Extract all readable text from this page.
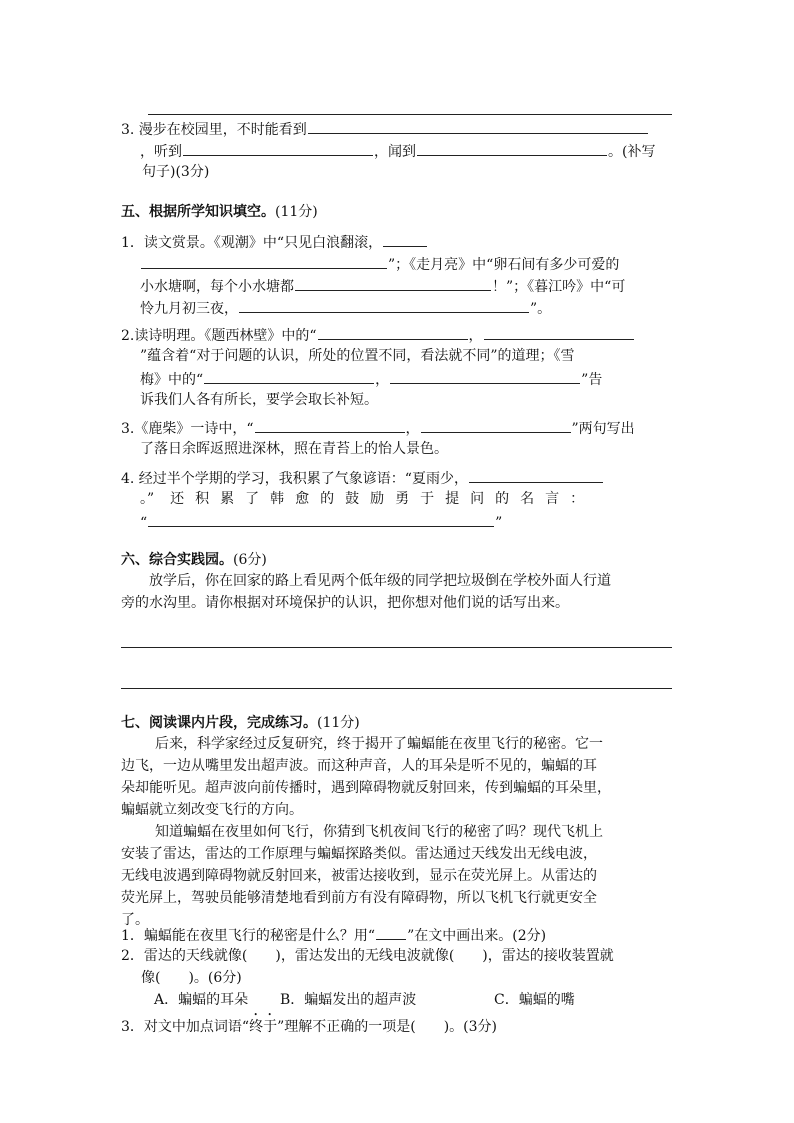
3. 漫步在校园里，不时能看到
，听到	，闻到	。(补写
句子)(3分)
五、根据所学知识填空。(11分)
1．读文赏景。《观潮》中“只见白浪翻滚，
”；《走月亮》中“卵石间有多少可爱的
小水塘啊，每个小水塘都	！”；《暮江吟》中“可
怜九月初三夜，	”。
2.读诗明理。《题西林壁》中的“	，
”蕴含着“对于问题的认识，所处的位置不同，看法就不同”的道理；《雪
梅》中的“	，	”告
诉我们人各有所长，要学会取长补短。
3.《鹿柴》一诗中，“	，	”两句写出
了落日余晖返照进深林，照在青苔上的怡人景色。
4. 经过半个学期的学习，我积累了气象谚语：“夏雨少，
。” 还积累了韩愈的鼓励勇于提问的名言：
“	”
六、综合实践园。(6分)
放学后，你在回家的路上看见两个低年级的同学把垃圾倒在学校外面人行道
旁的水沟里。请你根据对环境保护的认识，把你想对他们说的话写出来。
七、阅读课内片段，完成练习。(11分)
后来，科学家经过反复研究，终于揭开了蝙蝠能在夜里飞行的秘密。它一
边飞，一边从嘴里发出超声波。而这种声音，人的耳朵是听不见的，蝙蝠的耳
朵却能听见。超声波向前传播时，遇到障碍物就反射回来，传到蝙蝠的耳朵里，
蝙蝠就立刻改变飞行的方向。
知道蝙蝠在夜里如何飞行，你猜到飞机夜间飞行的秘密了吗？现代飞机上
安装了雷达，雷达的工作原理与蝙蝠探路类似。雷达通过天线发出无线电波，
无线电波遇到障碍物就反射回来，被雷达接收到，显示在荧光屏上。从雷达的
荧光屏上，驾驶员能够清楚地看到前方有没有障碍物，所以飞机飞行就更安全
了。
1．蝙蝠能在夜里飞行的秘密是什么？用“ ”在文中画出来。(2分)
2．雷达的天线就像(　　)，雷达发出的无线电波就像(　　)，雷达的接收装置就
像(　　)。(6分)
A．蝙蝠的耳朵 B．蝙蝠发出的超声波	C．蝙蝠的嘴
3．对文中加点词语“终于”理解不正确的一项是(　　)。(3分)
